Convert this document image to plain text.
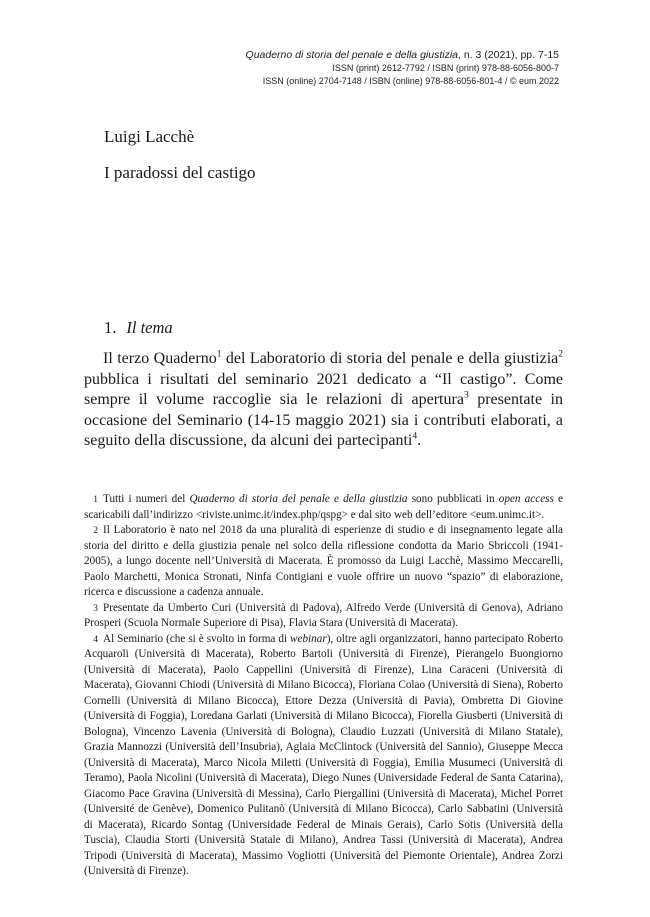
Quaderno di storia del penale e della giustizia, n. 3 (2021), pp. 7-15
ISSN (print) 2612-7792 / ISBN (print) 978-88-6056-800-7
ISSN (online) 2704-7148 / ISBN (online) 978-88-6056-801-4 / © eum 2022
Luigi Lacchè
I paradossi del castigo
1. Il tema

Il terzo Quaderno$^1$ del Laboratorio di storia del penale e della giustizia$^2$ pubblica i risultati del seminario 2021 dedicato a “Il castigo”. Come sempre il volume raccoglie sia le relazioni di apertura$^3$ presentate in occasione del Seminario (14-15 maggio 2021) sia i contributi elaborati, a seguito della discussione, da alcuni dei partecipanti$^4$.

1 Tutti i numeri del Quaderno di storia del penale e della giustizia sono pubblicati in open access e scaricabili dall’indirizzo <riviste.unimc.it/index.php/qspg> e dal sito web dell’editore <eum.unimc.it>.

2 Il Laboratorio è nato nel 2018 da una pluralità di esperienze di studio e di insegnamento legate alla storia del diritto e della giustizia penale nel solco della riflessione condotta da Mario Sbriccoli (1941-2005), a lungo docente nell’Università di Macerata. È promosso da Luigi Lacchè, Massimo Meccarelli, Paolo Marchetti, Monica Stronati, Ninfa Contigiani e vuole offrire un nuovo “spazio” di elaborazione, ricerca e discussione a cadenza annuale.

3 Presentate da Umberto Curi (Università di Padova), Alfredo Verde (Università di Genova), Adriano Prosperi (Scuola Normale Superiore di Pisa), Flavia Stara (Università di Macerata).

4 Al Seminario (che si è svolto in forma di webinar), oltre agli organizzatori, hanno partecipato Roberto Acquaroli (Università di Macerata), Roberto Bartoli (Università di Firenze), Pierangelo Buongiorno (Università di Macerata), Paolo Cappellini (Università di Firenze), Lina Caraceni (Università di Macerata), Giovanni Chiodi (Università di Milano Bicocca), Floriana Colao (Università di Siena), Roberto Cornelli (Università di Milano Bicocca), Ettore Dezza (Università di Pavia), Ombretta Di Giovine (Università di Foggia), Loredana Garlati (Università di Milano Bicocca), Fiorella Giusberti (Università di Bologna), Vincenzo Lavenia (Università di Bologna), Claudio Luzzati (Università di Milano Statale), Grazia Mannozzi (Università dell’Insubria), Aglaia McClintock (Università del Sannio), Giuseppe Mecca (Università di Macerata), Marco Nicola Miletti (Università di Foggia), Emilia Musumeci (Università di Teramo), Paola Nicolini (Università di Macerata), Diego Nunes (Universidade Federal de Santa Catarina), Giacomo Pace Gravina (Università di Messina), Carlo Piergallini (Università di Macerata), Michel Porret (Université de Genève), Domenico Pulitanò (Università di Milano Bicocca), Carlo Sabbatini (Università di Macerata), Ricardo Sontag (Universidade Federal de Minais Gerais), Carlo Sotis (Università della Tuscia), Claudia Storti (Università Statale di Milano), Andrea Tassi (Università di Macerata), Andrea Tripodi (Università di Macerata), Massimo Vogliotti (Università del Piemonte Orientale), Andrea Zorzi (Università di Firenze).
